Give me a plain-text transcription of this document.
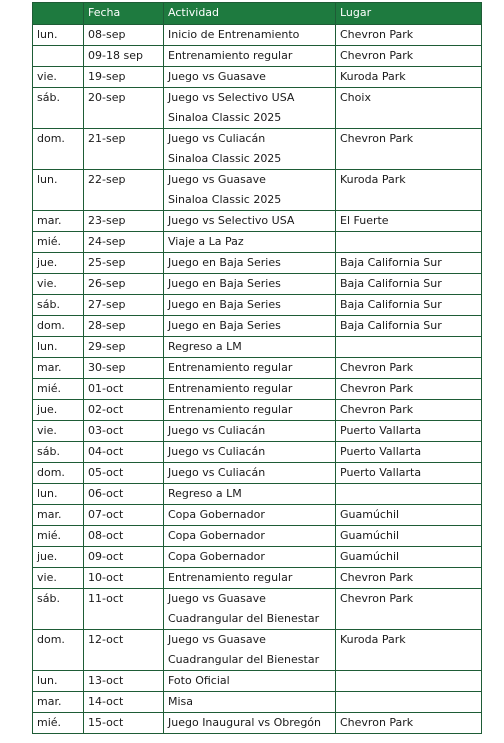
	Fecha	Actividad	Lugar
lun.	08-sep	Inicio de Entrenamiento	Chevron Park
	09-18 sep	Entrenamiento regular	Chevron Park
vie.	19-sep	Juego vs Guasave	Kuroda Park
sáb.	20-sep	Juego vs Selectivo USA
Sinaloa Classic 2025	Choix
dom.	21-sep	Juego vs Culiacán
Sinaloa Classic 2025	Chevron Park
lun.	22-sep	Juego vs Guasave
Sinaloa Classic 2025	Kuroda Park
mar.	23-sep	Juego vs Selectivo USA	El Fuerte
mié.	24-sep	Viaje a La Paz	

jue.	25-sep	Juego en Baja Series	Baja California Sur
vie.	26-sep	Juego en Baja Series	Baja California Sur
sáb.	27-sep	Juego en Baja Series	Baja California Sur
dom.	28-sep	Juego en Baja Series	Baja California Sur
lun.	29-sep	Regreso a LM	

mar.	30-sep	Entrenamiento regular	Chevron Park
mié.	01-oct	Entrenamiento regular	Chevron Park
jue.	02-oct	Entrenamiento regular	Chevron Park
vie.	03-oct	Juego vs Culiacán	Puerto Vallarta
sáb.	04-oct	Juego vs Culiacán	Puerto Vallarta
dom.	05-oct	Juego vs Culiacán	Puerto Vallarta
lun.	06-oct	Regreso a LM	

mar.	07-oct	Copa Gobernador	Guamúchil
mié.	08-oct	Copa Gobernador	Guamúchil
jue.	09-oct	Copa Gobernador	Guamúchil
vie.	10-oct	Entrenamiento regular	Chevron Park
sáb.	11-oct	Juego vs Guasave
Cuadrangular del Bienestar	Chevron Park
dom.	12-oct	Juego vs Guasave
Cuadrangular del Bienestar	Kuroda Park
lun.	13-oct	Foto Oficial	

mar.	14-oct	Misa	

mié.	15-oct	Juego Inaugural vs Obregón	Chevron Park
